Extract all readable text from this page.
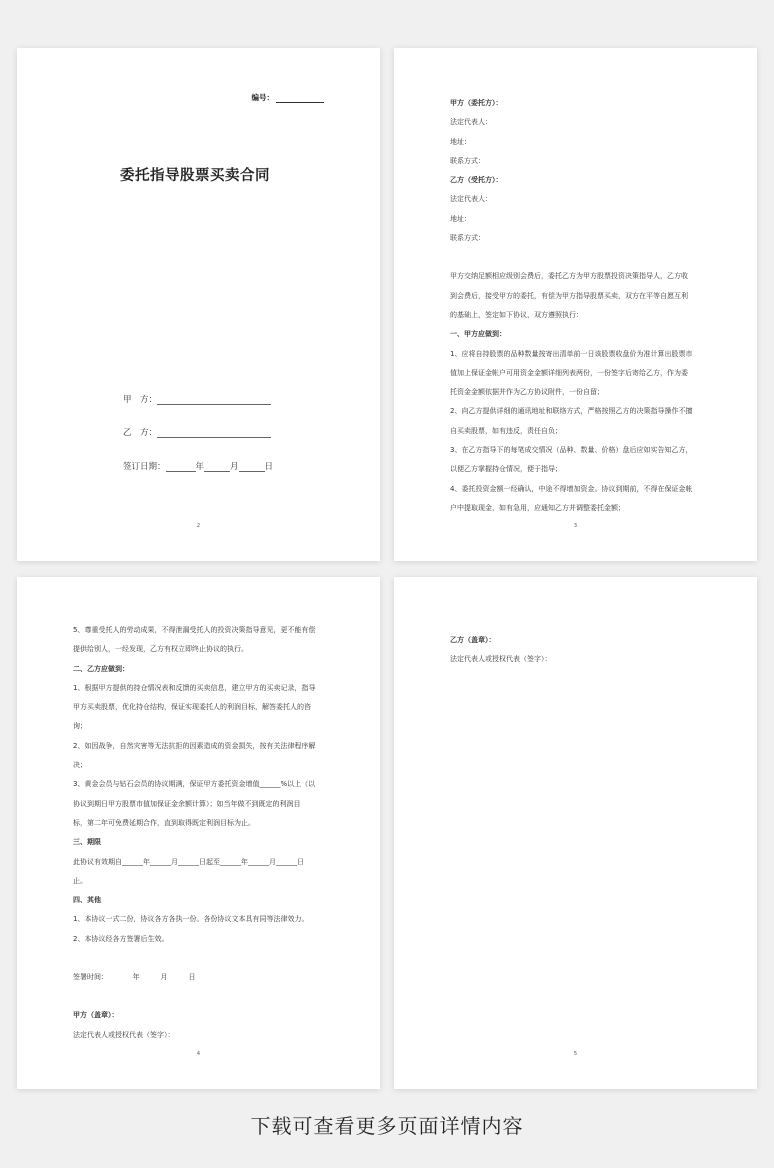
编号：
委托指导股票买卖合同
甲　方：
乙　方：
签订日期：	年	月	日
2

甲方（委托方）：

法定代表人：

地址：

联系方式：

乙方（受托方）：

法定代表人：

地址：

联系方式：

甲方交纳足额相应级别会费后，委托乙方为甲方股票投资决策指导人，乙方收

到会费后，接受甲方的委托，有偿为甲方指导股票买卖，双方在平等自愿互利

的基础上，签定如下协议，双方遵照执行：

一、甲方应做到：

1、应将自持股票的品种数量按寄出清单前一日该股票收盘价为准计算出股票市

值加上保证金帐户可用资金金额详细列表两份，一份签字后寄给乙方，作为委

托资金金额依据并作为乙方协议附件，一份自留；

2、向乙方提供详细的通讯地址和联络方式，严格按照乙方的决策指导操作不擅

自买卖股票，如有违反，责任自负；

3、在乙方指导下的每笔成交情况（品种、数量、价格）盘后应如实告知乙方，

以便乙方掌握持仓情况，便于指导；

4、委托投资金额一经确认，中途不得增加资金。协议到期前，不得在保证金帐

户中提取现金，如有急用，应通知乙方并调整委托金额；

3

5、尊重受托人的劳动成果，不得泄漏受托人的投资决策指导意见，更不能有偿

提供给别人，一经发现，乙方有权立即终止协议的执行。

二、乙方应做到：

1、根据甲方提供的持仓情况表和反馈的买卖信息，建立甲方的买卖记录，指导

甲方买卖股票，优化持仓结构，保证实现委托人的利润目标，解答委托人的咨

询；

2、如因战争，自然灾害等无法抗拒的因素造成的资金损失，按有关法律程序解

决；

3、黄金会员与钻石会员的协议期满，保证甲方委托资金增值______%以上（以

协议到期日甲方股票市值加保证金余额计算）；如当年做不到既定的利润目

标，第二年可免费延期合作，直到取得既定利润目标为止。

三、期限

此协议有效期自______年______月______日起至______年______月______日

止。

四、其他

1、本协议一式二份，协议各方各执一份。各份协议文本具有同等法律效力。

2、本协议经各方签署后生效。

签署时间：　　　　年　　　月　　　日

甲方（盖章）：

法定代表人或授权代表（签字）：

4

乙方（盖章）：

法定代表人或授权代表（签字）：

5
下载可查看更多页面详情内容
